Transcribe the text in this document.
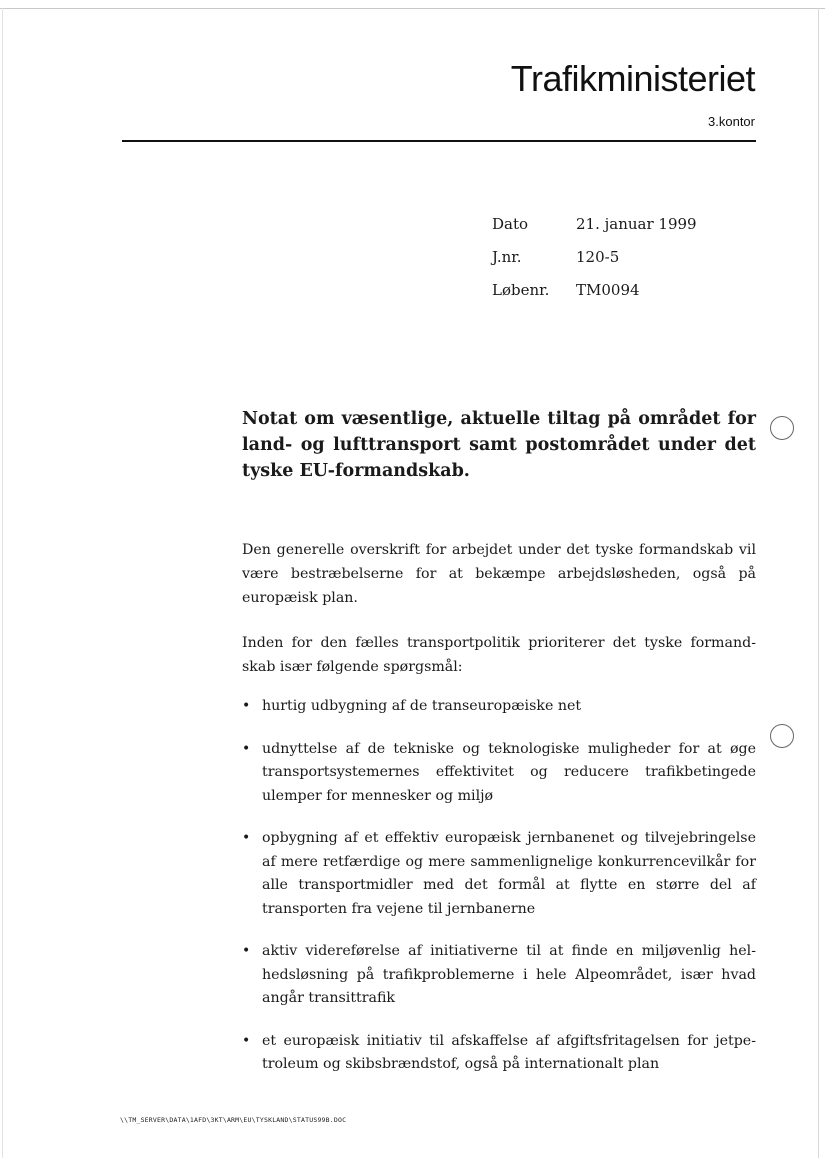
Trafikministeriet
3.kontor
Dato	21. januar 1999
J.nr.	120-5
Løbenr.	TM0094
Notat om væsentlige, aktuelle tiltag på området for land- og lufttransport samt postområdet under det tyske EU-formandskab.

Den generelle overskrift for arbejdet under det tyske formandskab vil være bestræbelserne for at bekæmpe arbejdsløsheden, også på europæisk plan.

Inden for den fælles transportpolitik prioriterer det tyske formand-skab især følgende spørgsmål:

• hurtig udbygning af de transeuropæiske net
• udnyttelse af de tekniske og teknologiske muligheder for at øge transportsystemernes effektivitet og reducere trafikbetingede ulemper for mennesker og miljø
• opbygning af et effektiv europæisk jernbanenet og tilvejebringelse af mere retfærdige og mere sammenlignelige konkurrencevilkår for alle transportmidler med det formål at flytte en større del af transporten fra vejene til jernbanerne
• aktiv videreførelse af initiativerne til at finde en miljøvenlig hel-hedsløsning på trafikproblemerne i hele Alpeområdet, især hvad angår transittrafik
• et europæisk initiativ til afskaffelse af afgiftsfritagelsen for jetpe-troleum og skibsbrændstof, også på internationalt plan
\\TM_SERVER\DATA\1AFD\3KT\ARM\EU\TYSKLAND\STATUS99B.DOC
